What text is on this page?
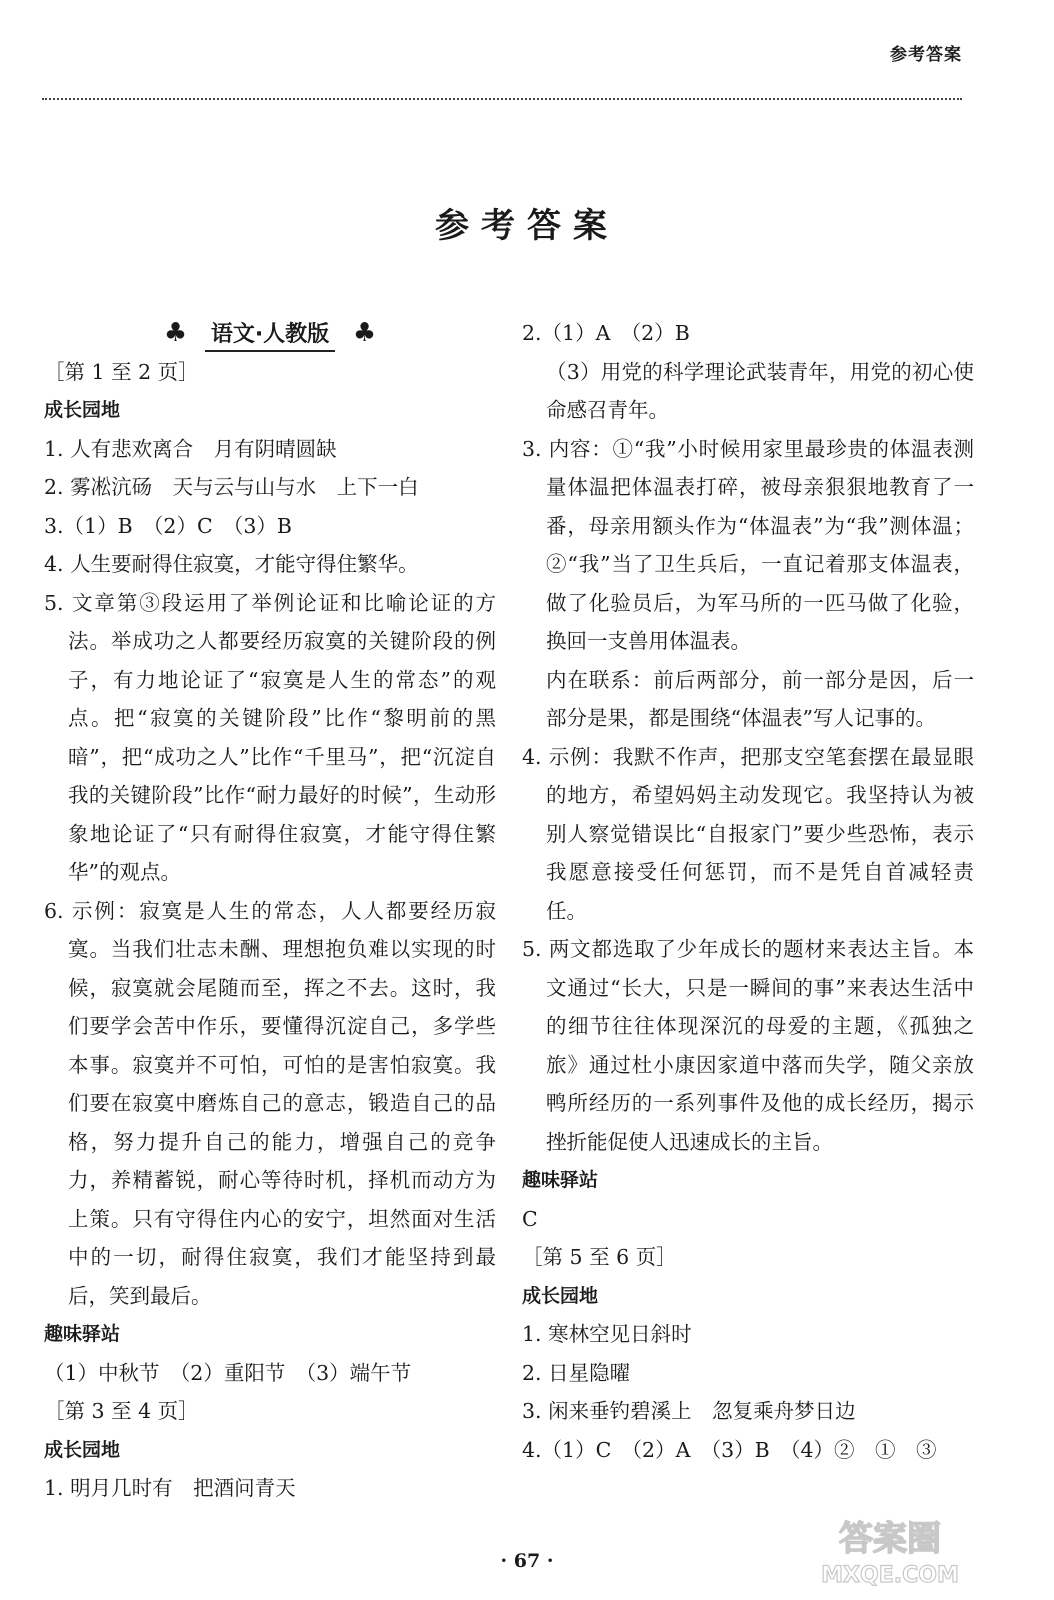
参考答案
参考答案
♣ 语文·人教版 ♣
［第 1 至 2 页］
成长园地
1. 人有悲欢离合　月有阴晴圆缺
2. 雾凇沆砀　天与云与山与水　上下一白
3.（1）B　（2）C　（3）B
4. 人生要耐得住寂寞，才能守得住繁华。
5. 文章第③段运用了举例论证和比喻论证的方法。举成功之人都要经历寂寞的关键阶段的例子，有力地论证了“寂寞是人生的常态”的观点。把“寂寞的关键阶段”比作“黎明前的黑暗”，把“成功之人”比作“千里马”，把“沉淀自我的关键阶段”比作“耐力最好的时候”，生动形象地论证了“只有耐得住寂寞，才能守得住繁华”的观点。
6. 示例：寂寞是人生的常态，人人都要经历寂寞。当我们壮志未酬、理想抱负难以实现的时候，寂寞就会尾随而至，挥之不去。这时，我们要学会苦中作乐，要懂得沉淀自己，多学些本事。寂寞并不可怕，可怕的是害怕寂寞。我们要在寂寞中磨炼自己的意志，锻造自己的品格，努力提升自己的能力，增强自己的竞争力，养精蓄锐，耐心等待时机，择机而动方为上策。只有守得住内心的安宁，坦然面对生活中的一切，耐得住寂寞，我们才能坚持到最后，笑到最后。
趣味驿站
（1）中秋节　（2）重阳节　（3）端午节
［第 3 至 4 页］
成长园地
1. 明月几时有　把酒问青天
2.（1）A　（2）B
（3）用党的科学理论武装青年，用党的初心使命感召青年。
3. 内容：①“我”小时候用家里最珍贵的体温表测量体温把体温表打碎，被母亲狠狠地教育了一番，母亲用额头作为“体温表”为“我”测体温；②“我”当了卫生兵后，一直记着那支体温表，做了化验员后，为军马所的一匹马做了化验，换回一支兽用体温表。
内在联系：前后两部分，前一部分是因，后一部分是果，都是围绕“体温表”写人记事的。
4. 示例：我默不作声，把那支空笔套摆在最显眼的地方，希望妈妈主动发现它。我坚持认为被别人察觉错误比“自报家门”要少些恐怖，表示我愿意接受任何惩罚，而不是凭自首减轻责任。
5. 两文都选取了少年成长的题材来表达主旨。本文通过“长大，只是一瞬间的事”来表达生活中的细节往往体现深沉的母爱的主题，《孤独之旅》通过杜小康因家道中落而失学，随父亲放鸭所经历的一系列事件及他的成长经历，揭示挫折能促使人迅速成长的主旨。
趣味驿站
C
［第 5 至 6 页］
成长园地
1. 寒林空见日斜时
2. 日星隐曜
3. 闲来垂钓碧溪上　忽复乘舟梦日边
4.（1）C　（2）A　（3）B　（4）②　①　③
· 67 ·
答案圈
MXQE.COM
